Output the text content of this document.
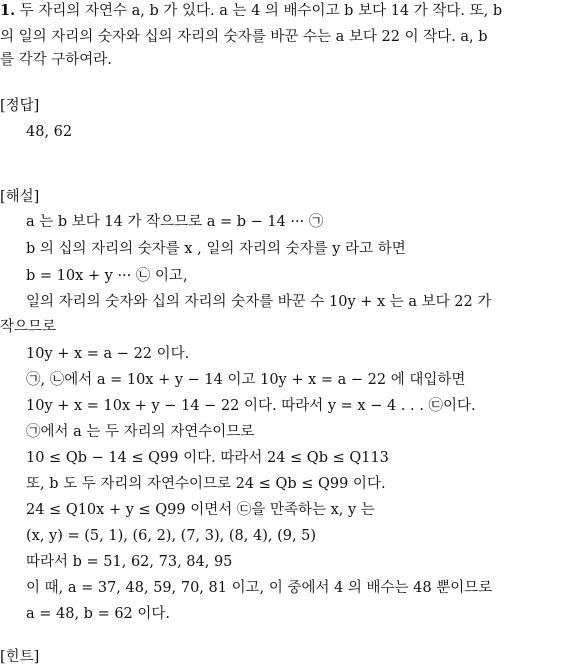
1. 두 자리의 자연수 a, b 가 있다. a 는 4 의 배수이고 b 보다 14 가 작다. 또, b
의 일의 자리의 숫자와 십의 자리의 숫자를 바꾼 수는 a 보다 22 이 작다. a, b
를 각각 구하여라.
[정답]
48, 62
[해설]
a 는 b 보다 14 가 작으므로 a = b − 14 ··· ㉠
b 의 십의 자리의 숫자를 x , 일의 자리의 숫자를 y 라고 하면
b = 10x + y ··· ㉡ 이고,
일의 자리의 숫자와 십의 자리의 숫자를 바꾼 수 10y + x 는 a 보다 22 가
작으므로
10y + x = a − 22 이다.
㉠, ㉡에서 a = 10x + y − 14 이고 10y + x = a − 22 에 대입하면
10y + x = 10x + y − 14 − 22 이다. 따라서 y = x − 4 . . . ㉢이다.
㉠에서 a 는 두 자리의 자연수이므로
10 ≤ Qb − 14 ≤ Q99 이다. 따라서 24 ≤ Qb ≤ Q113
또, b 도 두 자리의 자연수이므로 24 ≤ Qb ≤ Q99 이다.
24 ≤ Q10x + y ≤ Q99 이면서 ㉢을 만족하는 x, y 는
(x, y) = (5, 1), (6, 2), (7, 3), (8, 4), (9, 5)
따라서 b = 51, 62, 73, 84, 95
이 때, a = 37, 48, 59, 70, 81 이고, 이 중에서 4 의 배수는 48 뿐이므로
a = 48, b = 62 이다.
[힌트]
